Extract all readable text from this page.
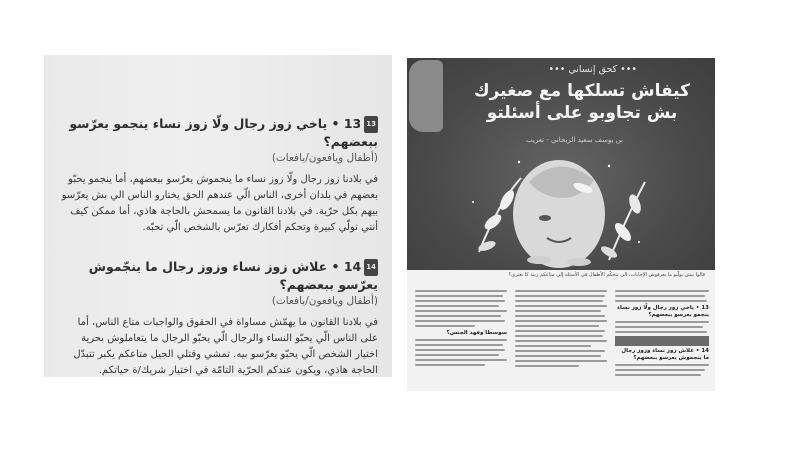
1313 • ياخي زوز رجال ولّا زوز نساء ينجمو يعرّسو ببعضهم؟

(أطفال ويافعون/يافعات)

في بلادنا زوز رجال ولّا زوز نساء ما ينجموش يعرّسو ببعضهم، أما ينجمو يحبّو بعضهم في بلدان أخرى، الناس الّي عندهم الحق يختارو الناس الي بش يعرّسو بيهم بكل حرّية. في بلادنا القانون ما يسمحش بالحاجة هاذي، أما ممكن كيف أنتي تولّي كبيرة وتحكم أفكارك تعرّس بالشخص الّي تحبّه.

1414 • علاش زوز نساء وزوز رجال ما ينجّموش يعرّسو ببعضهم؟

(أطفال ويافعون/يافعات)

في بلادنا القانون ما يهمّش مساواة في الحقوق والواجبات متاع الناس، أما على الناس الّي يحبّو النساء والرجال الّي يحبّو الرجال ما يتعاملوش بحرية اختيار الشخص الّي يحبّو يعرّسو بيه. تمشي وقتلي الجيل متاعكم يكبر تتبدّل الحاجة هاذي، ويكون عندكم الحرّية التامّة في اختيار شريك/ة حياتكم.

••• كحق إنساني •••
كيفاش تسلكها مع صغيرك بش تجاوبو على أسئلتو
بن يوسف سعيد الريحاني - تعريب
قالوا بيش يولّيو ما يعرفوش الإجابات، الي يتحكّم الأطفال في الأسئلة إلي متاعكم زينة كا نعترى؟
سوسطا وفهد الجنس؟
13 • ياخي زوز رجال ولّا زوز نساء ينجمو يعرسو ببعضهم؟
14 • علاش زوز نساء وزوز رجال ما ينجموش يعرسو ببعضهم؟
